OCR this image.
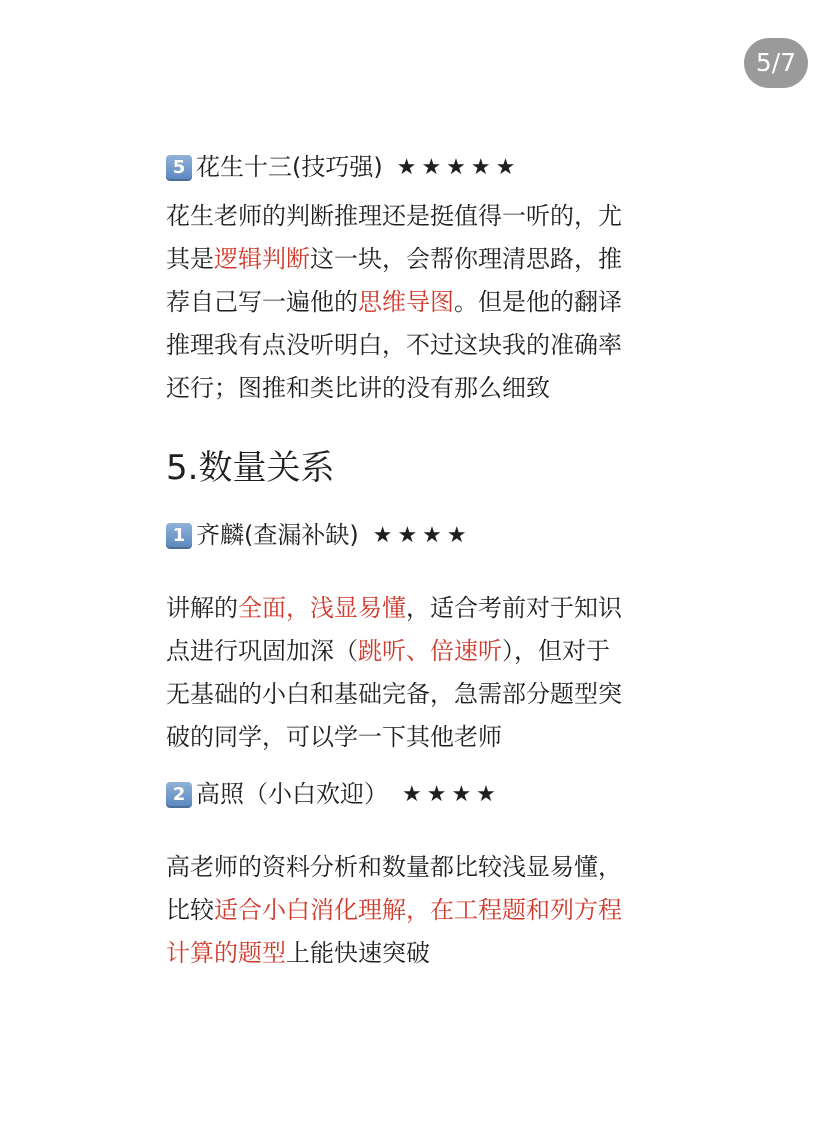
5/7
5 花生十三(技巧强) ★★★★★
花生老师的判断推理还是挺值得一听的，尤
其是逻辑判断这一块，会帮你理清思路，推
荐自己写一遍他的思维导图。但是他的翻译
推理我有点没听明白，不过这块我的准确率
还行；图推和类比讲的没有那么细致
5.数量关系
1 齐麟(查漏补缺) ★★★★
讲解的全面，浅显易懂，适合考前对于知识
点进行巩固加深（跳听、倍速听），但对于
无基础的小白和基础完备，急需部分题型突
破的同学，可以学一下其他老师
2 高照（小白欢迎） ★★★★
高老师的资料分析和数量都比较浅显易懂，
比较适合小白消化理解，在工程题和列方程
计算的题型上能快速突破
